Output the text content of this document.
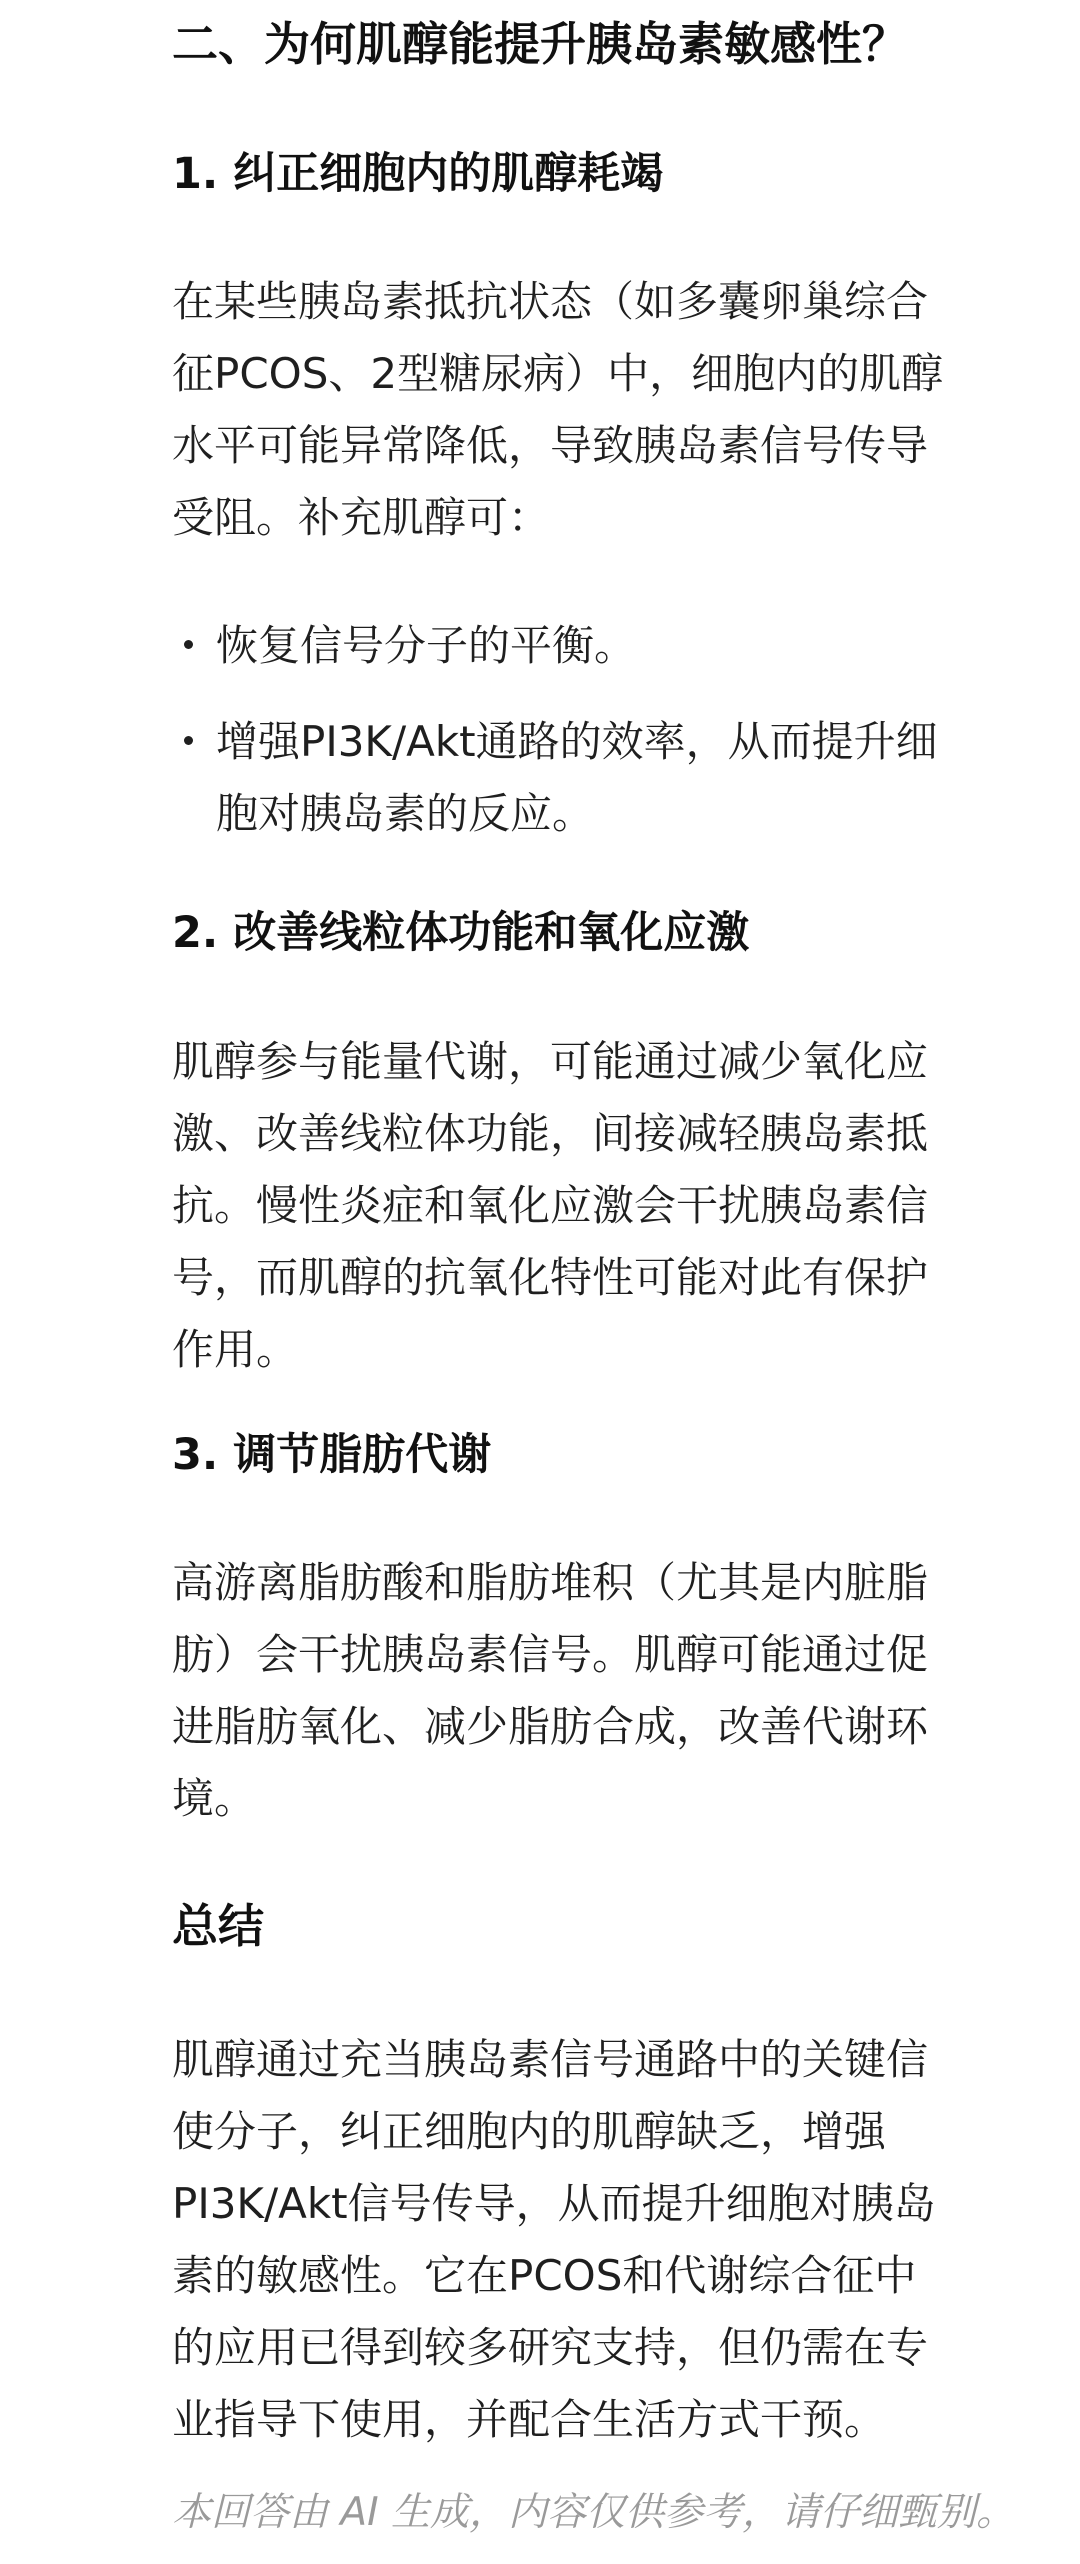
二、为何肌醇能提升胰岛素敏感性？
1. 纠正细胞内的肌醇耗竭
在某些胰岛素抵抗状态（如多囊卵巢综合
征PCOS、2型糖尿病）中，细胞内的肌醇
水平可能异常降低，导致胰岛素信号传导
受阻。补充肌醇可：
恢复信号分子的平衡。
增强PI3K/Akt通路的效率，从而提升细
胞对胰岛素的反应。
2. 改善线粒体功能和氧化应激
肌醇参与能量代谢，可能通过减少氧化应
激、改善线粒体功能，间接减轻胰岛素抵
抗。慢性炎症和氧化应激会干扰胰岛素信
号，而肌醇的抗氧化特性可能对此有保护
作用。
3. 调节脂肪代谢
高游离脂肪酸和脂肪堆积（尤其是内脏脂
肪）会干扰胰岛素信号。肌醇可能通过促
进脂肪氧化、减少脂肪合成，改善代谢环
境。
总结
肌醇通过充当胰岛素信号通路中的关键信
使分子，纠正细胞内的肌醇缺乏，增强
PI3K/Akt信号传导，从而提升细胞对胰岛
素的敏感性。它在PCOS和代谢综合征中
的应用已得到较多研究支持，但仍需在专
业指导下使用，并配合生活方式干预。
本回答由 AI 生成，内容仅供参考，请仔细甄别。
